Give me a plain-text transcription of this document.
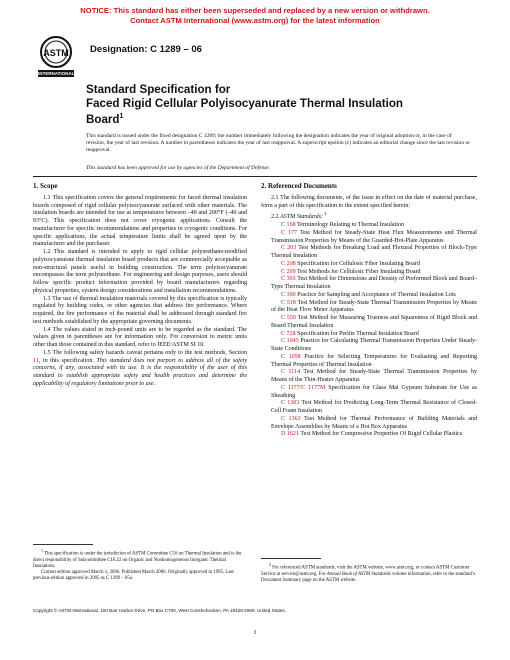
NOTICE: This standard has either been superseded and replaced by a new version or withdrawn.
Contact ASTM International (www.astm.org) for the latest information
ASTM
INTERNATIONAL
Designation: C 1289 – 06
Standard Specification for
Faced Rigid Cellular Polyisocyanurate Thermal Insulation
Board$^1$
This standard is issued under the fixed designation C 1289; the number immediately following the designation indicates the year of original adoption or, in the case of revision, the year of last revision. A number in parentheses indicates the year of last reapproval. A superscript epsilon (ε) indicates an editorial change since the last revision or reapproval.
This standard has been approved for use by agencies of the Department of Defense.
1. Scope

1.1 This specification covers the general requirements for faced thermal insulation boards composed of rigid cellular polyisocyanurate surfaced with other materials. The insulation boards are intended for use at temperatures between –40 and 200°F (–40 and 93°C). This specification does not cover cryogenic applications. Consult the manufacturer for specific recommendations and properties in cryogenic conditions. For specific applications, the actual temperature limits shall be agreed upon by the manufacturer and the purchaser.

1.2 This standard is intended to apply to rigid cellular polyurethane-modified polyisocyanurate thermal insulation board products that are commercially acceptable as non-structural panels useful in building construction. The term polyisocyanurate encompasses the term polyurethane. For engineering and design purposes, users should follow specific product information provided by board manufacturers regarding physical properties, system design considerations and installation recommendations.

1.3 The use of thermal insulation materials covered by this specification is typically regulated by building codes, or other agencies that address fire performance. Where required, the fire performance of the material shall be addressed through standard fire test methods established by the appropriate governing documents.

1.4 The values stated in inch-pound units are to be regarded as the standard. The values given in parentheses are for information only. For conversion to metric units other than those contained in this standard, refer to IEEE/ASTM SI 10.

1.5 The following safety hazards caveat pertains only to the test methods, Section 11, in this specification. This standard does not purport to address all of the safety concerns, if any, associated with its use. It is the responsibility of the user of this standard to establish appropriate safety and health practices and determine the applicability of regulatory limitations prior to use.

2. Referenced Documents

2.1 The following documents, of the issue in effect on the date of material purchase, form a part of this specification to the extent specified herein:

2.2 ASTM Standards: $^2$

C 168 Terminology Relating to Thermal Insulation

C 177 Test Method for Steady-State Heat Flux Measurements and Thermal Transmission Properties by Means of the Guarded-Hot-Plate Apparatus

C 203 Test Methods for Breaking Load and Flexural Properties of Block-Type Thermal Insulation

C 208 Specification for Cellulosic Fiber Insulating Board

C 209 Test Methods for Cellulosic Fiber Insulating Board

C 303 Test Method for Dimensions and Density of Preformed Block and Board–Type Thermal Insulation

C 390 Practice for Sampling and Acceptance of Thermal Insulation Lots

C 518 Test Method for Steady-State Thermal Transmission Properties by Means of the Heat Flow Meter Apparatus

C 550 Test Method for Measuring Trueness and Squareness of Rigid Block and Board Thermal Insulation

C 728 Specification for Perlite Thermal Insulation Board

C 1045 Practice for Calculating Thermal Transmission Properties Under Steady-State Conditions

C 1058 Practice for Selecting Temperatures for Evaluating and Reporting Thermal Properties of Thermal Insulation

C 1114 Test Method for Steady-State Thermal Transmission Properties by Means of the Thin-Heater Apparatus

C 1177/C 1177M Specification for Glass Mat Gypsum Substrate for Use as Sheathing

C 1303 Test Method for Predicting Long-Term Thermal Resistance of Closed-Cell Foam Insulation

C 1363 Test Method for Thermal Performance of Building Materials and Envelope Assemblies by Means of a Hot Box Apparatus

D 1621 Test Method for Compressive Properties Of Rigid Cellular Plastics

$^1$ This specification is under the jurisdiction of ASTM Committee C16 on Thermal Insulation and is the direct responsibility of Subcommittee C16.22 on Organic and Nonhomogeneous Inorganic Thermal Insulations.

Current edition approved March 1, 2006. Published March 2006. Originally approved in 1995. Last previous edition approved in 2005 as C 1289 – 05a.

$^2$ For referenced ASTM standards, visit the ASTM website, www.astm.org, or contact ASTM Customer Service at service@astm.org. For Annual Book of ASTM Standards volume information, refer to the standard’s Document Summary page on the ASTM website.

Copyright © ASTM International, 100 Barr Harbor Drive, PO Box C700, West Conshohocken, PA 19428-2959, United States.
1
